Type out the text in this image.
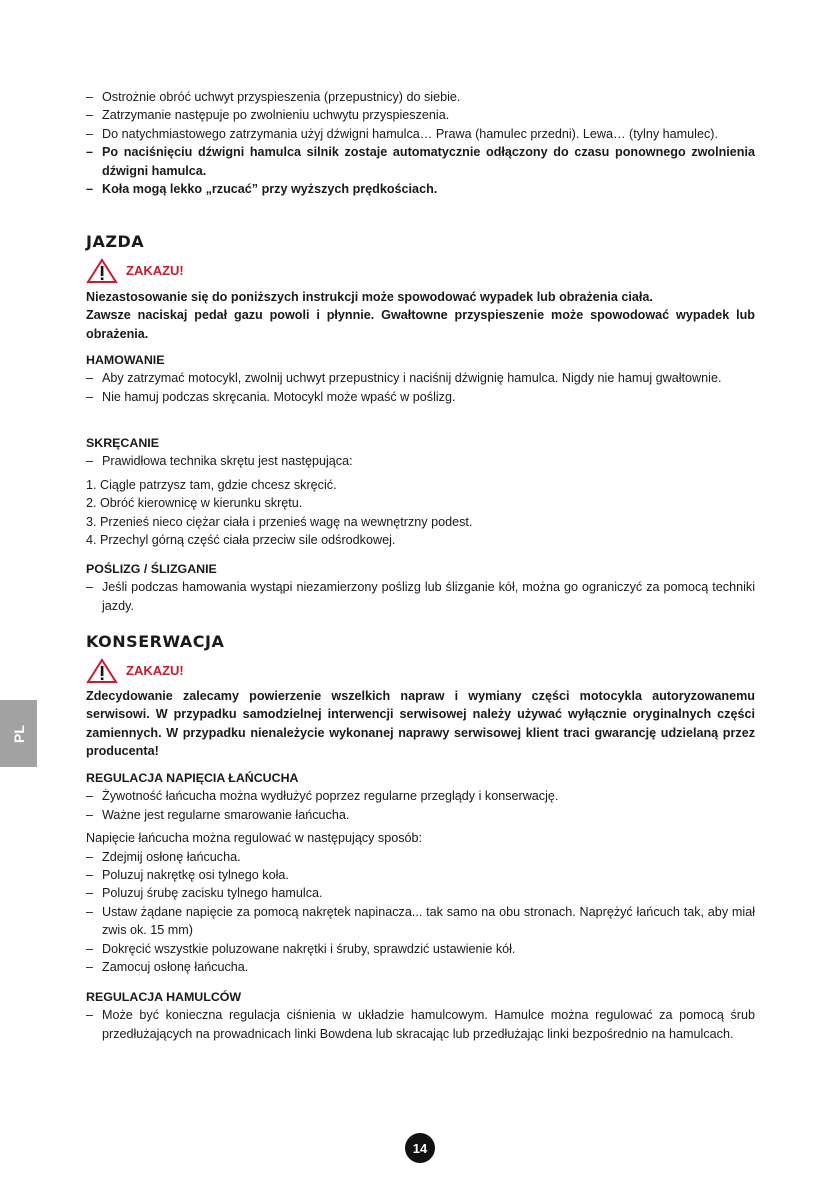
– Ostrożnie obróć uchwyt przyspieszenia (przepustnicy) do siebie.
– Zatrzymanie następuje po zwolnieniu uchwytu przyspieszenia.
– Do natychmiastowego zatrzymania użyj dźwigni hamulca… Prawa (hamulec przedni). Lewa… (tylny hamulec).
– Po naciśnięciu dźwigni hamulca silnik zostaje automatycznie odłączony do czasu ponownego zwolnienia dźwigni hamulca.
– Koła mogą lekko „rzucać” przy wyższych prędkościach.
JAZDA
ZAKAZU!
Niezastosowanie się do poniższych instrukcji może spowodować wypadek lub obrażenia ciała.
Zawsze naciskaj pedał gazu powoli i płynnie. Gwałtowne przyspieszenie może spowodować wypadek lub obrażenia.
HAMOWANIE
– Aby zatrzymać motocykl, zwolnij uchwyt przepustnicy i naciśnij dźwignię hamulca. Nigdy nie hamuj gwałtownie.
– Nie hamuj podczas skręcania. Motocykl może wpaść w poślizg.
SKRĘCANIE
– Prawidłowa technika skrętu jest następująca:
1. Ciągle patrzysz tam, gdzie chcesz skręcić.
2. Obróć kierownicę w kierunku skrętu.
3. Przenieś nieco ciężar ciała i przenieś wagę na wewnętrzny podest.
4. Przechyl górną część ciała przeciw sile odśrodkowej.
POŚLIZG / ŚLIZGANIE
– Jeśli podczas hamowania wystąpi niezamierzony poślizg lub ślizganie kół, można go ograniczyć za pomocą techniki jazdy.
KONSERWACJA
ZAKAZU!
Zdecydowanie zalecamy powierzenie wszelkich napraw i wymiany części motocykla autoryzowanemu serwisowi. W przypadku samodzielnej interwencji serwisowej należy używać wyłącznie oryginalnych części zamiennych. W przypadku nienależycie wykonanej naprawy serwisowej klient traci gwarancję udzielaną przez producenta!
REGULACJA NAPIĘCIA ŁAŃCUCHA
– Żywotność łańcucha można wydłużyć poprzez regularne przeglądy i konserwację.
– Ważne jest regularne smarowanie łańcucha.
Napięcie łańcucha można regulować w następujący sposób:
– Zdejmij osłonę łańcucha.
– Poluzuj nakrętkę osi tylnego koła.
– Poluzuj śrubę zacisku tylnego hamulca.
– Ustaw żądane napięcie za pomocą nakrętek napinacza... tak samo na obu stronach. Naprężyć łańcuch tak, aby miał zwis ok. 15 mm)
– Dokręcić wszystkie poluzowane nakrętki i śruby, sprawdzić ustawienie kół.
– Zamocuj osłonę łańcucha.
REGULACJA HAMULCÓW
– Może być konieczna regulacja ciśnienia w układzie hamulcowym. Hamulce można regulować za pomocą śrub przedłużających na prowadnicach linki Bowdena lub skracając lub przedłużając linki bezpośrednio na hamulcach.
PL
14
